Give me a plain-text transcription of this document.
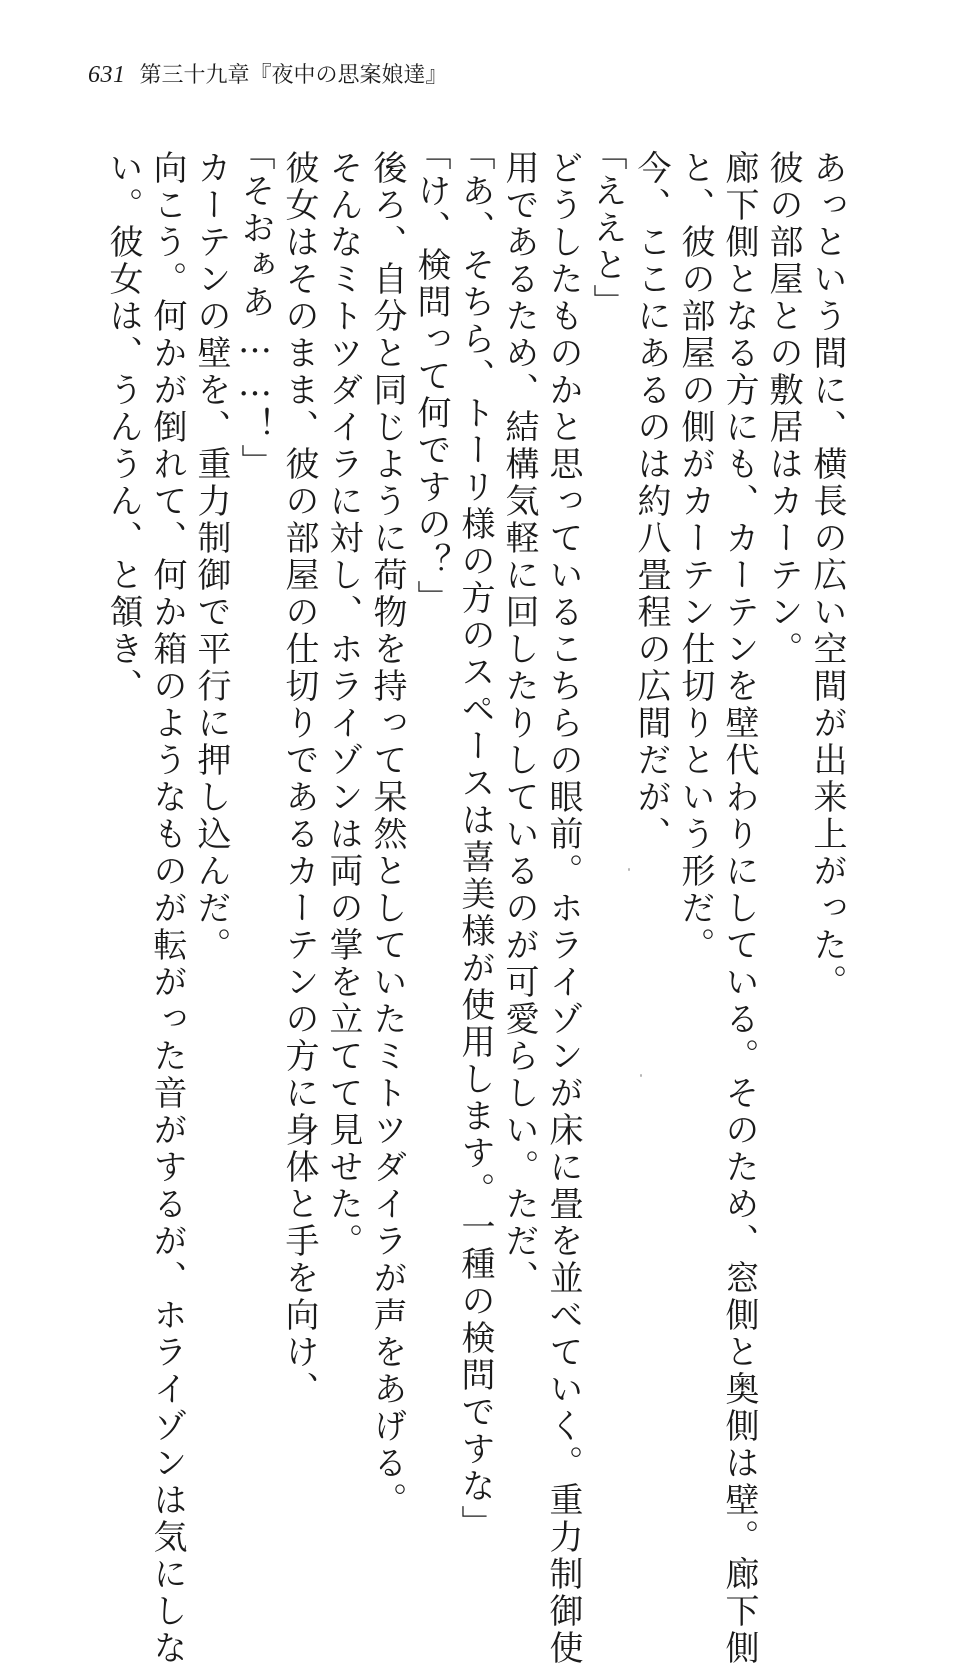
631 第三十九章『夜中の思案娘達』
あっという間に、横長の広い空間が出来上がった。
彼の部屋との敷居はカーテン。
廊下側となる方にも、カーテンを壁代わりにしている。そのため、窓側と奥側は壁。廊下側
と、彼の部屋の側がカーテン仕切りという形だ。
今、ここにあるのは約八畳程の広間だが、
「ええと」
どうしたものかと思っているこちらの眼前。ホライゾンが床に畳を並べていく。重力制御使
用であるため、結構気軽に回したりしているのが可愛らしい。ただ、
「あ、そちら、トーリ様の方のスペースは喜美様が使用します。一種の検問ですな」
「け、検問って何ですの？」
後ろ、自分と同じように荷物を持って呆然としていたミトツダイラが声をあげる。
そんなミトツダイラに対し、ホライゾンは両の掌を立てて見せた。
彼女はそのまま、彼の部屋の仕切りであるカーテンの方に身体と手を向け、
「そおぁあ……！」
カーテンの壁を、重力制御で平行に押し込んだ。
向こう。何かが倒れて、何か箱のようなものが転がった音がするが、ホライゾンは気にしな
い。彼女は、うんうん、と頷き、
